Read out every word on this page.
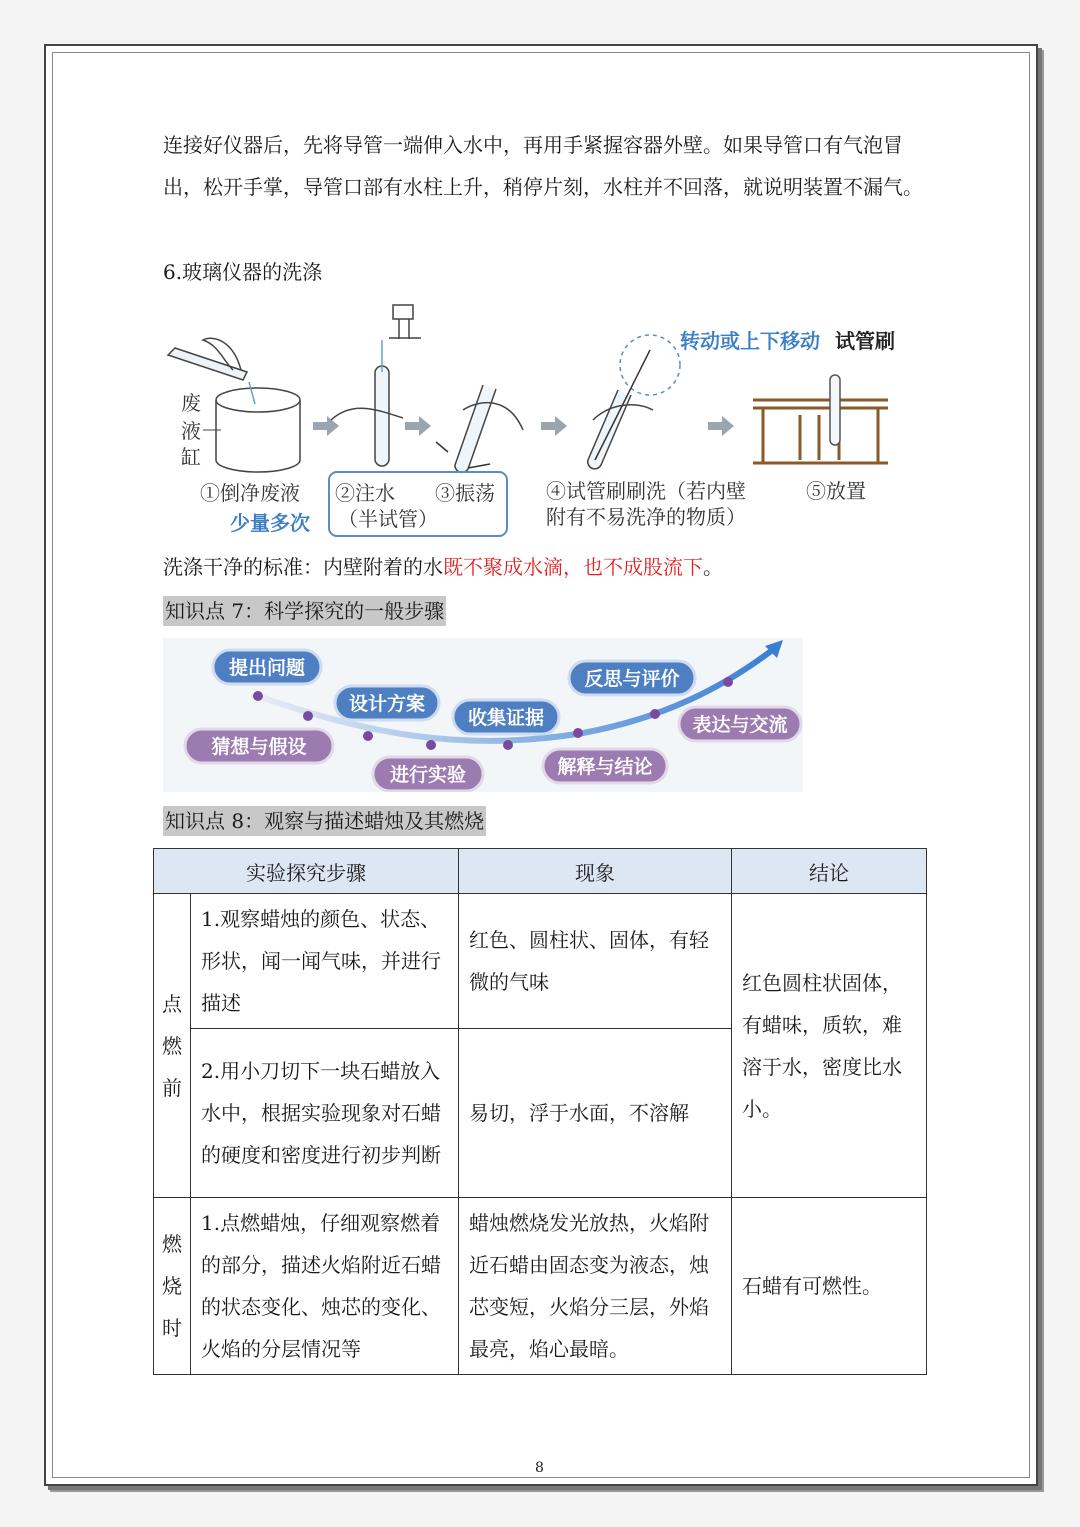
连接好仪器后，先将导管一端伸入水中，再用手紧握容器外壁。如果导管口有气泡冒出，松开手掌，导管口部有水柱上升，稍停片刻，水柱并不回落，就说明装置不漏气。
6.玻璃仪器的洗涤
废
液
缸
转动或上下移动 试管刷
①倒净废液 ②注水 ③振荡
（半试管）
④试管刷刷洗（若内壁
附有不易洗净的物质）
⑤放置
少量多次
洗涤干净的标准：内壁附着的水既不聚成水滴，也不成股流下。
知识点 7：科学探究的一般步骤
提出问题
猜想与假设
设计方案
进行实验
收集证据
解释与结论
反思与评价
表达与交流
知识点 8：观察与描述蜡烛及其燃烧
实验探究步骤		现象	结论
点燃前	1.观察蜡烛的颜色、状态、形状，闻一闻气味，并进行描述	红色、圆柱状、固体，有轻微的气味	红色圆柱状固体，有蜡味，质软，难溶于水，密度比水小。
	2.用小刀切下一块石蜡放入水中，根据实验现象对石蜡的硬度和密度进行初步判断	易切，浮于水面，不溶解	
燃烧时	1.点燃蜡烛，仔细观察燃着的部分，描述火焰附近石蜡的状态变化、烛芯的变化、火焰的分层情况等	蜡烛燃烧发光放热，火焰附近石蜡由固态变为液态，烛芯变短，火焰分三层，外焰最亮，焰心最暗。	石蜡有可燃性。
8
